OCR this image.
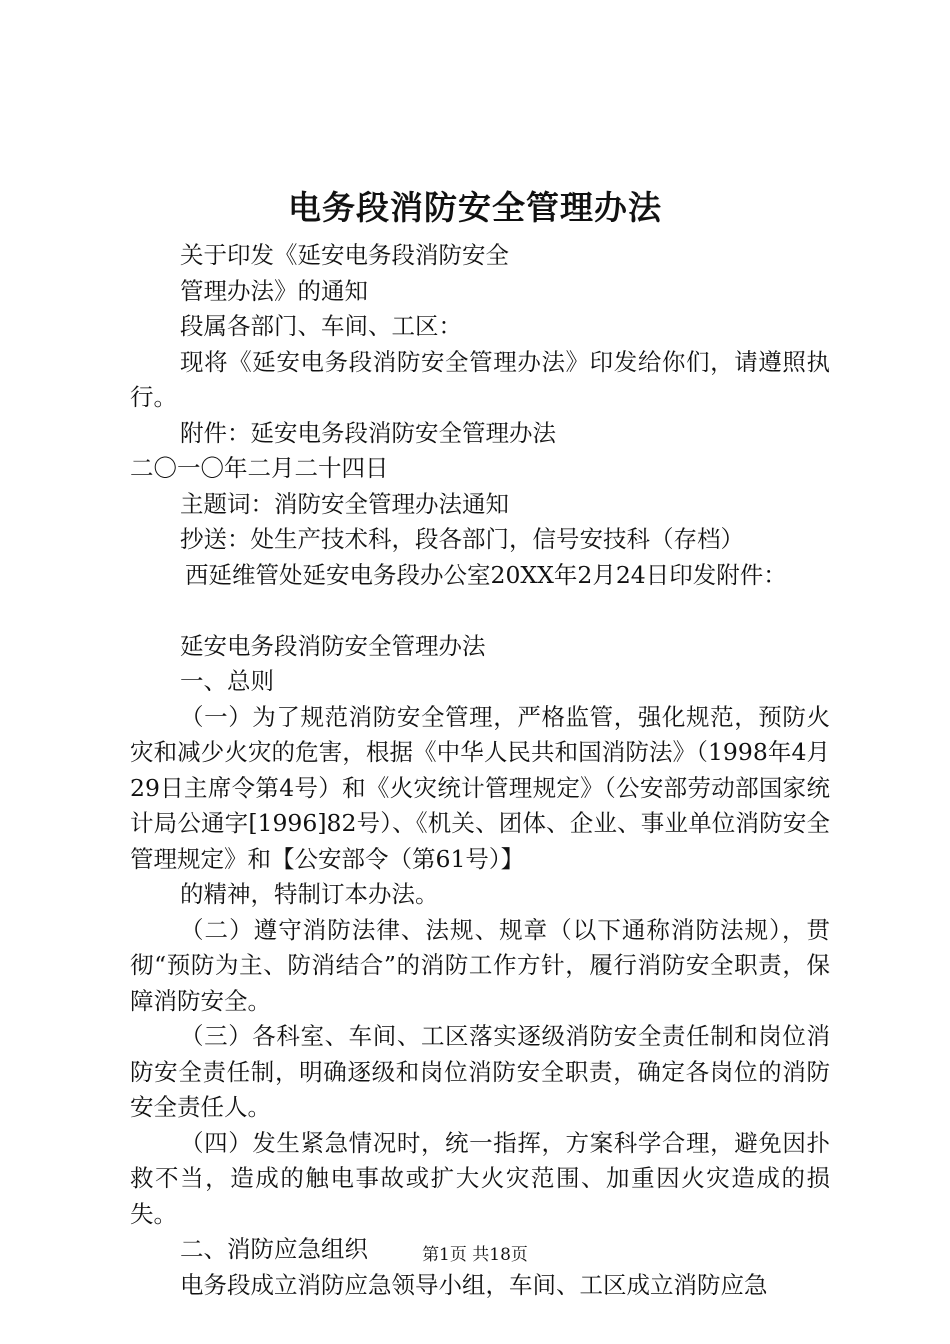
电务段消防安全管理办法

关于印发《延安电务段消防安全

管理办法》的通知

段属各部门、车间、工区：

现将《延安电务段消防安全管理办法》印发给你们，请遵照执行。

附件：延安电务段消防安全管理办法

二〇一〇年二月二十四日

主题词：消防安全管理办法通知

抄送：处生产技术科，段各部门，信号安技科（存档）

西延维管处延安电务段办公室20XX年2月24日印发附件：

延安电务段消防安全管理办法

一、总则

（一）为了规范消防安全管理，严格监管，强化规范，预防火灾和减少火灾的危害，根据《中华人民共和国消防法》（1998年4月29日主席令第4号）和《火灾统计管理规定》（公安部劳动部国家统计局公通字[1996]82号）、《机关、团体、企业、事业单位消防安全管理规定》和【公安部令（第61号）】

的精神，特制订本办法。

（二）遵守消防法律、法规、规章（以下通称消防法规），贯彻“预防为主、防消结合”的消防工作方针，履行消防安全职责，保障消防安全。

（三）各科室、车间、工区落实逐级消防安全责任制和岗位消防安全责任制，明确逐级和岗位消防安全职责，确定各岗位的消防安全责任人。

（四）发生紧急情况时，统一指挥，方案科学合理，避免因扑救不当，造成的触电事故或扩大火灾范围、加重因火灾造成的损失。

二、消防应急组织

电务段成立消防应急领导小组，车间、工区成立消防应急

第1页 共18页
